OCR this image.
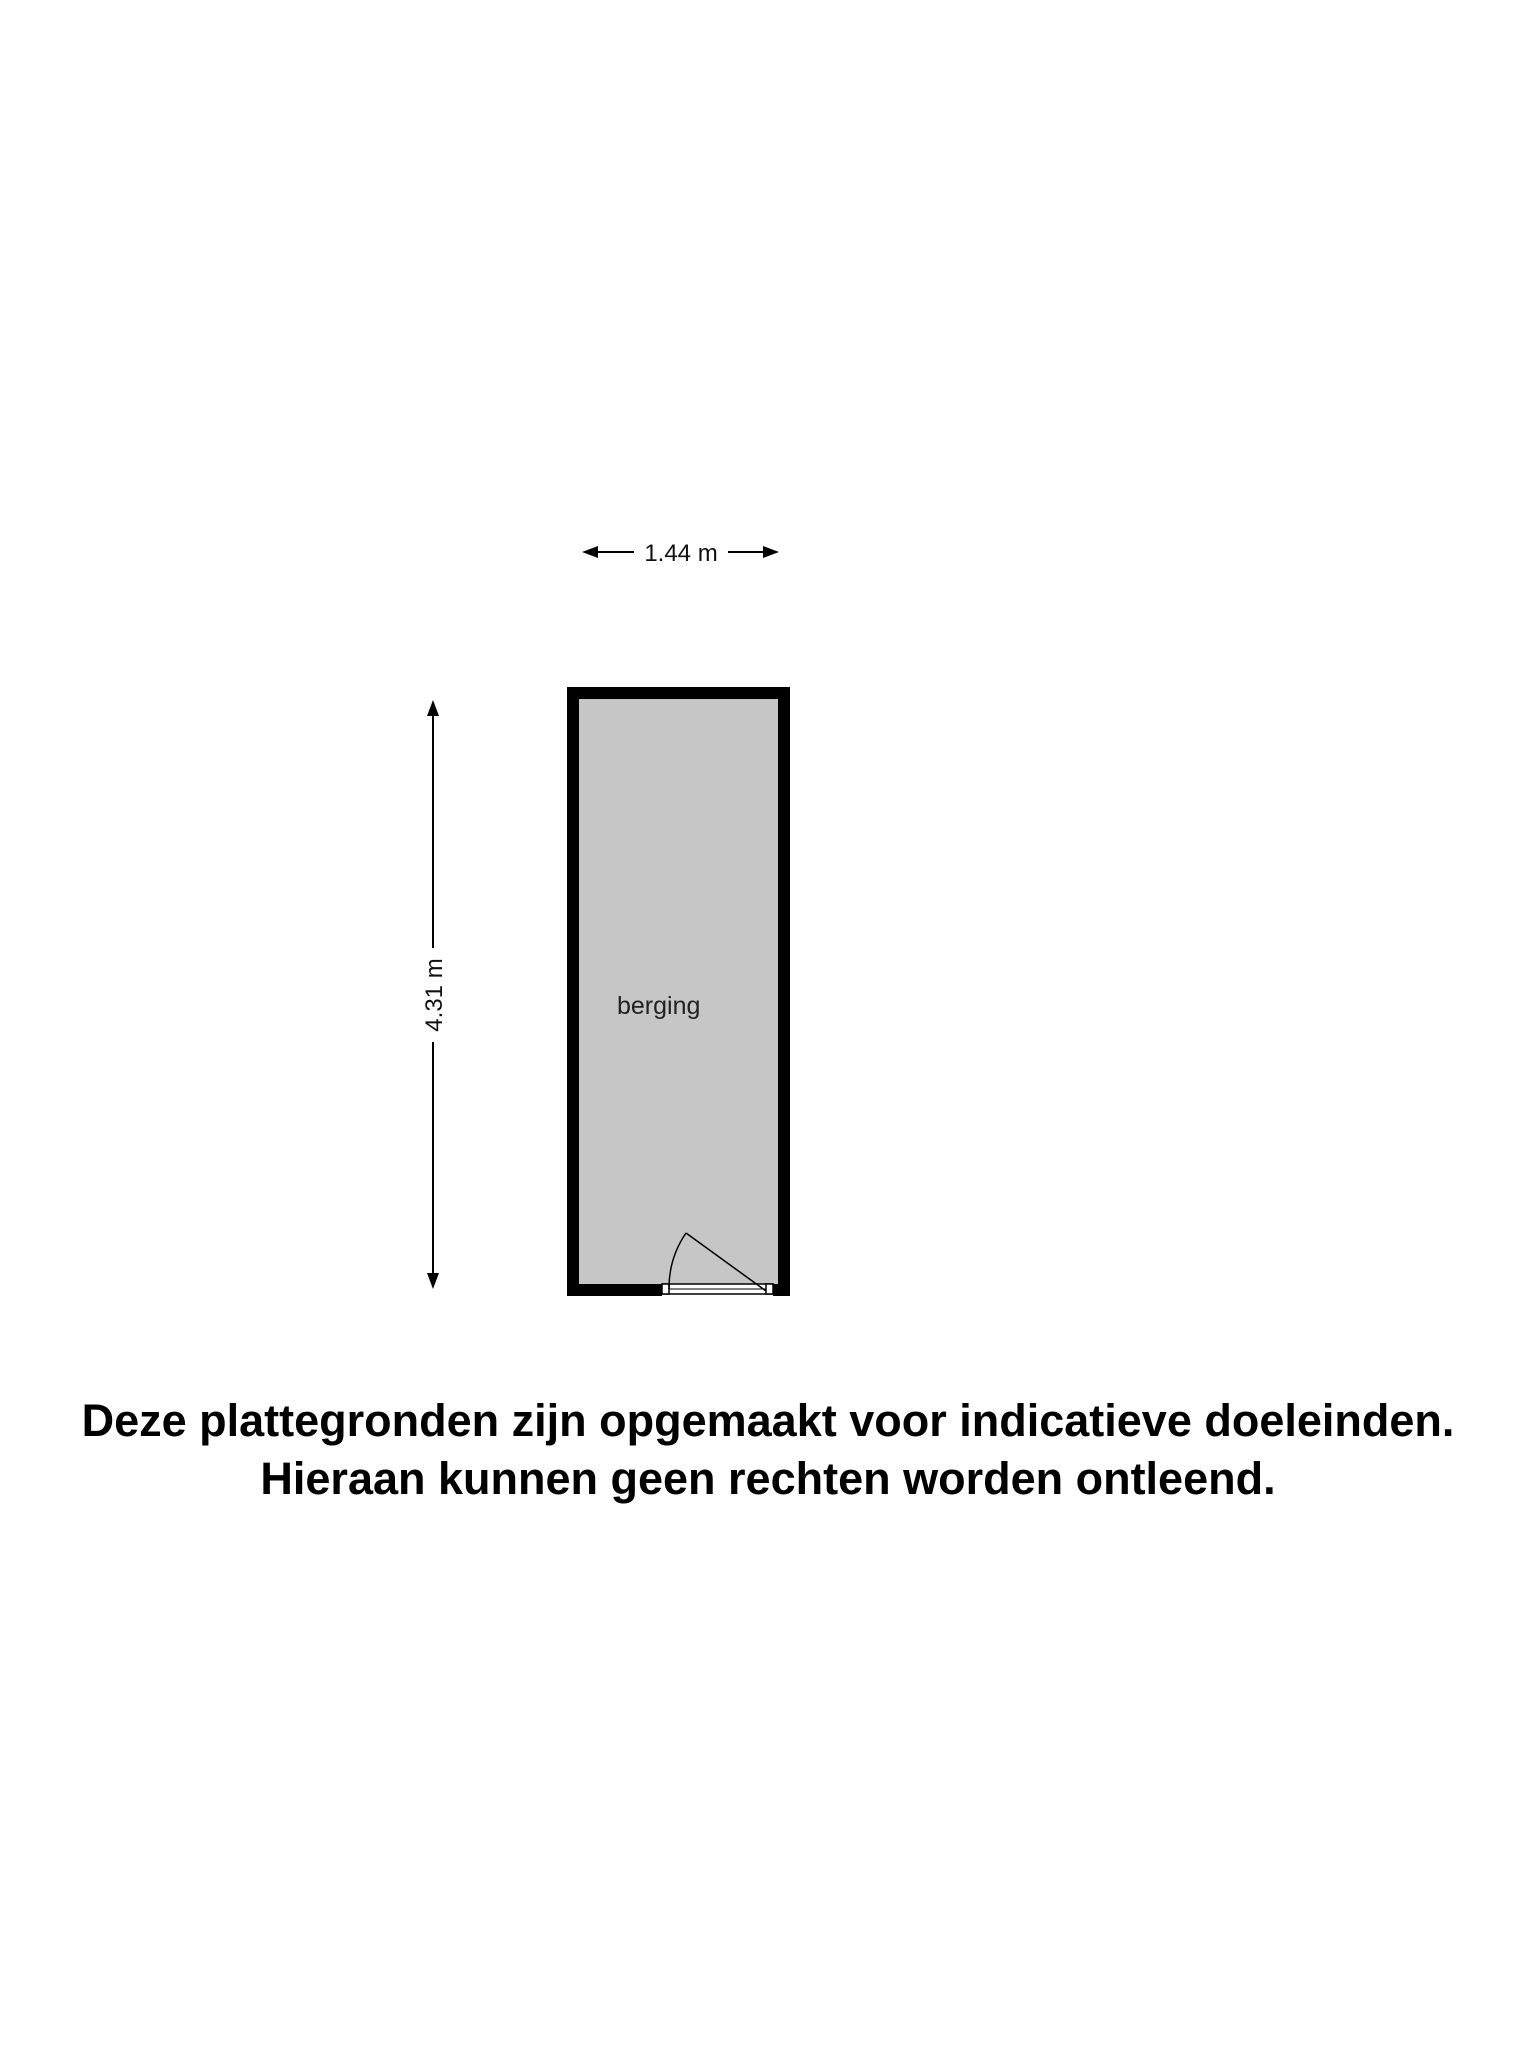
1.44 m
4.31 m	berging
Deze plattegronden zijn opgemaakt voor indicatieve doeleinden.
Hieraan kunnen geen rechten worden ontleend.
